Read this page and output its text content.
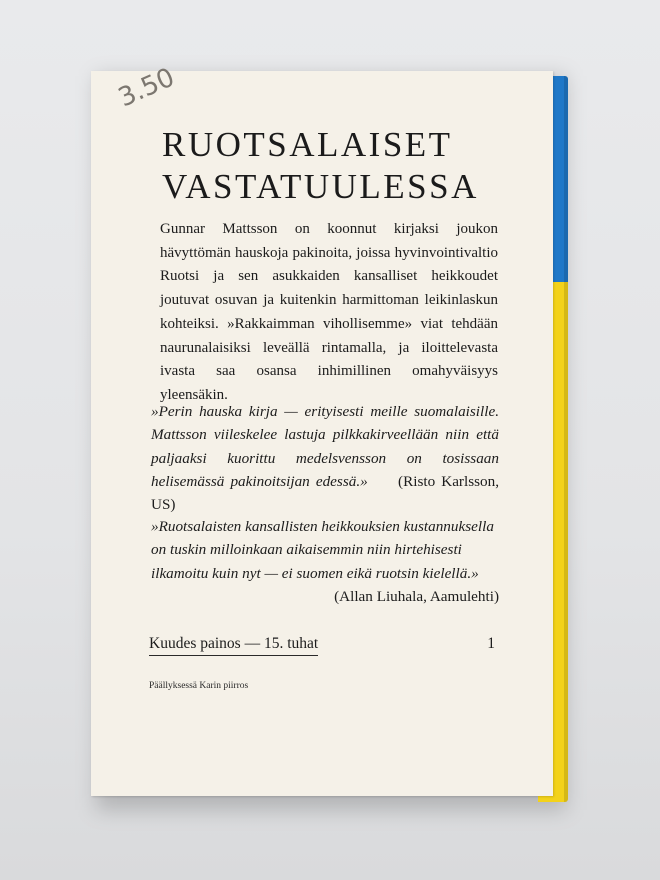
3.50
RUOTSALAISET
VASTATUULESSA

Gunnar Mattsson on koonnut kirjaksi joukon hävyttömän hauskoja pakinoita, joissa hyvinvointivaltio Ruotsi ja sen asukkaiden kansalliset heikkoudet joutuvat osuvan ja kuitenkin harmittoman leikinlaskun kohteiksi. »Rakkaimman vihollisemme» viat tehdään naurunalaisiksi leveällä rintamalla, ja iloittelevasta ivasta saa osansa inhimillinen omahyväisyys yleensäkin.

»Perin hauska kirja — erityisesti meille suomalaisille. Mattsson viileskelee lastuja pilkkakirveellään niin että paljaaksi kuorittu medelsvensson on tosissaan helisemässä pakinoitsijan edessä.» (Risto Karlsson, US)

»Ruotsalaisten kansallisten heikkouksien kustannuksella on tuskin milloinkaan aikaisemmin niin hirtehisesti ilkamoitu kuin nyt — ei suomen eikä ruotsin kielellä.»
(Allan Liuhala, Aamulehti)

Kuudes painos — 15. tuhat	1
Päällyksessä Karin piirros
